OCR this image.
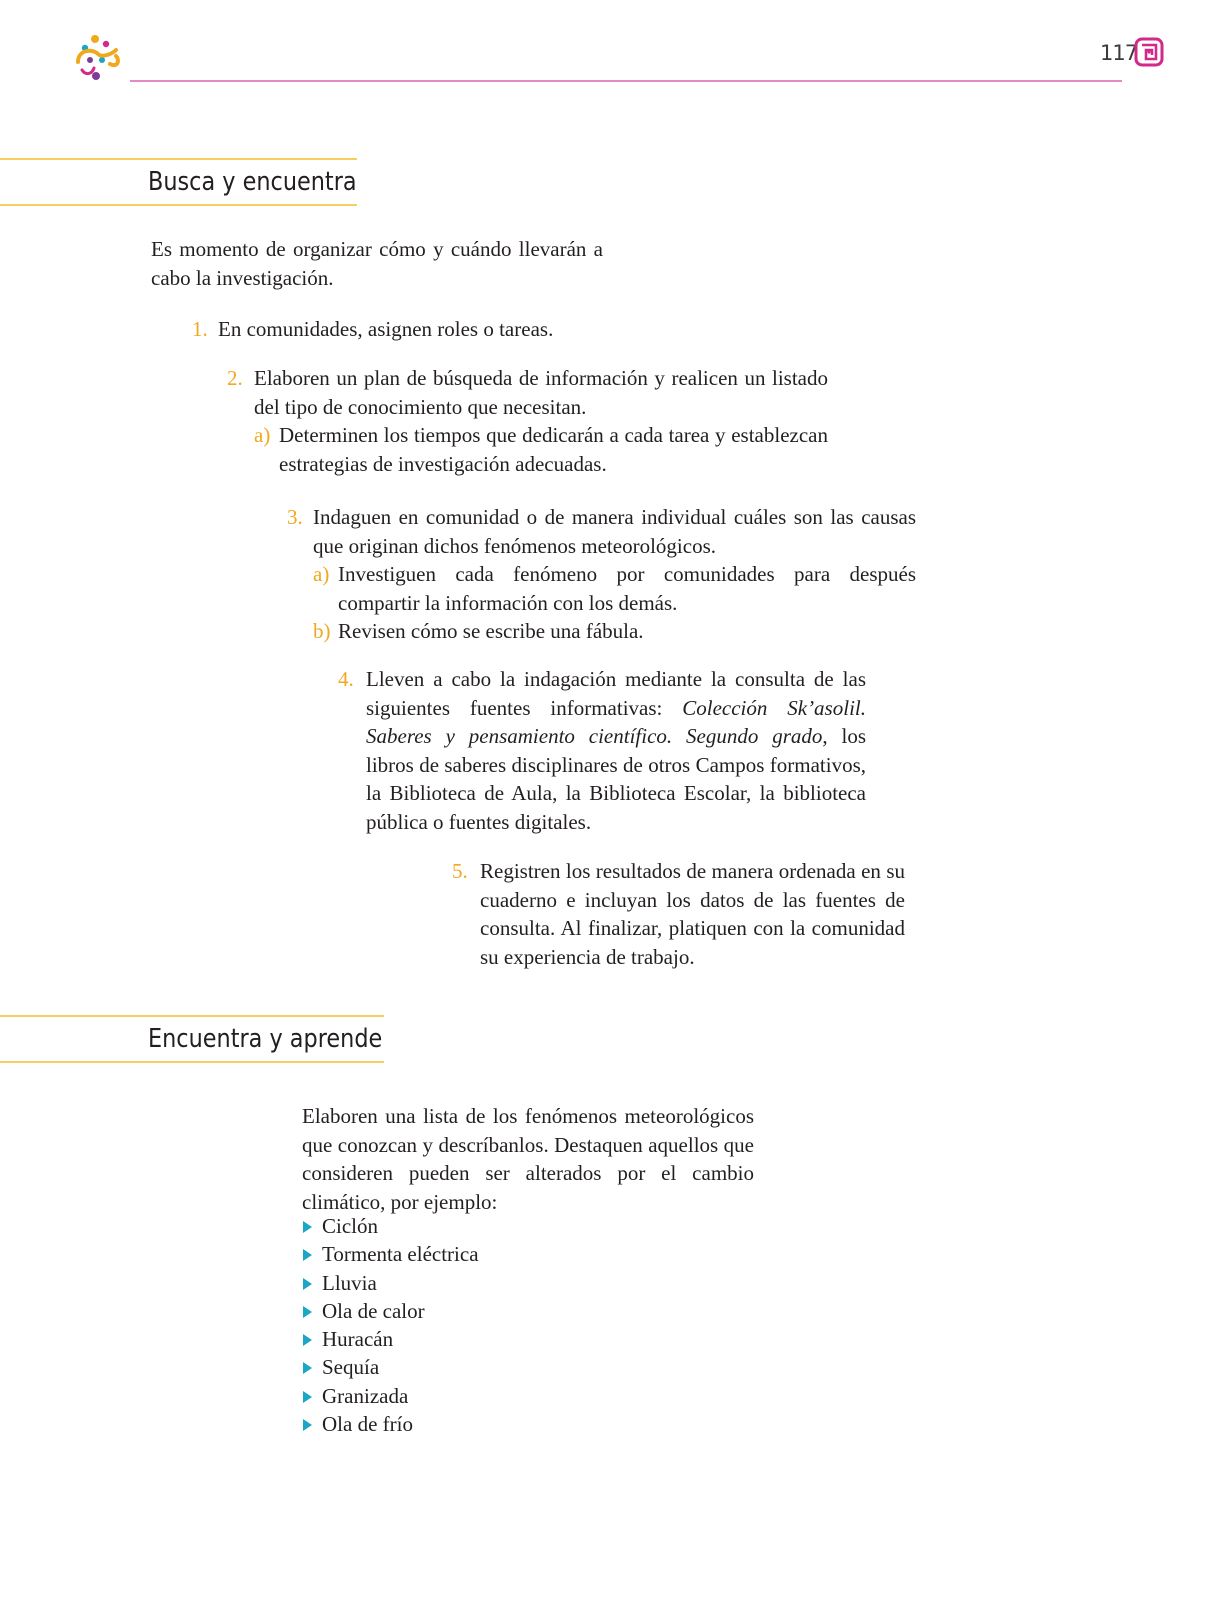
117
Busca y encuentra

Es momento de organizar cómo y cuándo llevarán a cabo la investigación.

1. En comunidades, asignen roles o tareas.
2. Elaboren un plan de búsqueda de información y realicen un listado del tipo de conocimiento que necesitan.
a) Determinen los tiempos que dedicarán a cada tarea y establezcan estrategias de investigación adecuadas.
3. Indaguen en comunidad o de manera individual cuáles son las causas que originan dichos fenómenos meteorológicos.
a) Investiguen cada fenómeno por comunidades para después compartir la información con los demás.
b) Revisen cómo se escribe una fábula.
4. Lleven a cabo la indagación mediante la consulta de las siguientes fuentes informativas: Colección Sk’asolil. Saberes y pensamiento científico. Segundo grado, los libros de saberes disciplinares de otros Campos formativos, la Biblioteca de Aula, la Biblioteca Escolar, la biblioteca pública o fuentes digitales.
5. Registren los resultados de manera ordenada en su cuaderno e incluyan los datos de las fuentes de consulta. Al finalizar, platiquen con la comunidad su experiencia de trabajo.
Encuentra y aprende

Elaboren una lista de los fenómenos meteorológicos que conozcan y descríbanlos. Destaquen aquellos que consideren pueden ser alterados por el cambio climático, por ejemplo:

Ciclón
Tormenta eléctrica
Lluvia
Ola de calor
Huracán
Sequía
Granizada
Ola de frío
